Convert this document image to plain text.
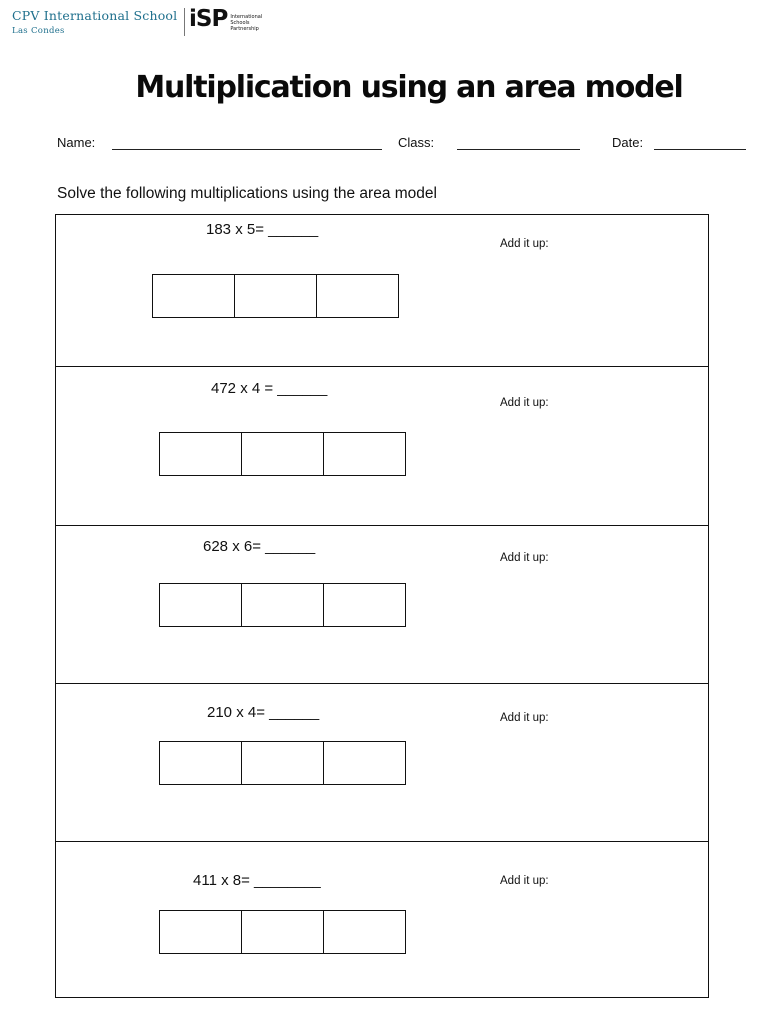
CPV International School
Las Condes	iSP International
Schools
Partnership
Multiplication using an area model
Name:	Class:	Date:
Solve the following multiplications using the area model
183 x 5= ______
Add it up:
472 x 4 = ______
Add it up:
628 x 6= ______
Add it up:
210 x 4= ______	Add it up:
411 x 8= ________	Add it up:
